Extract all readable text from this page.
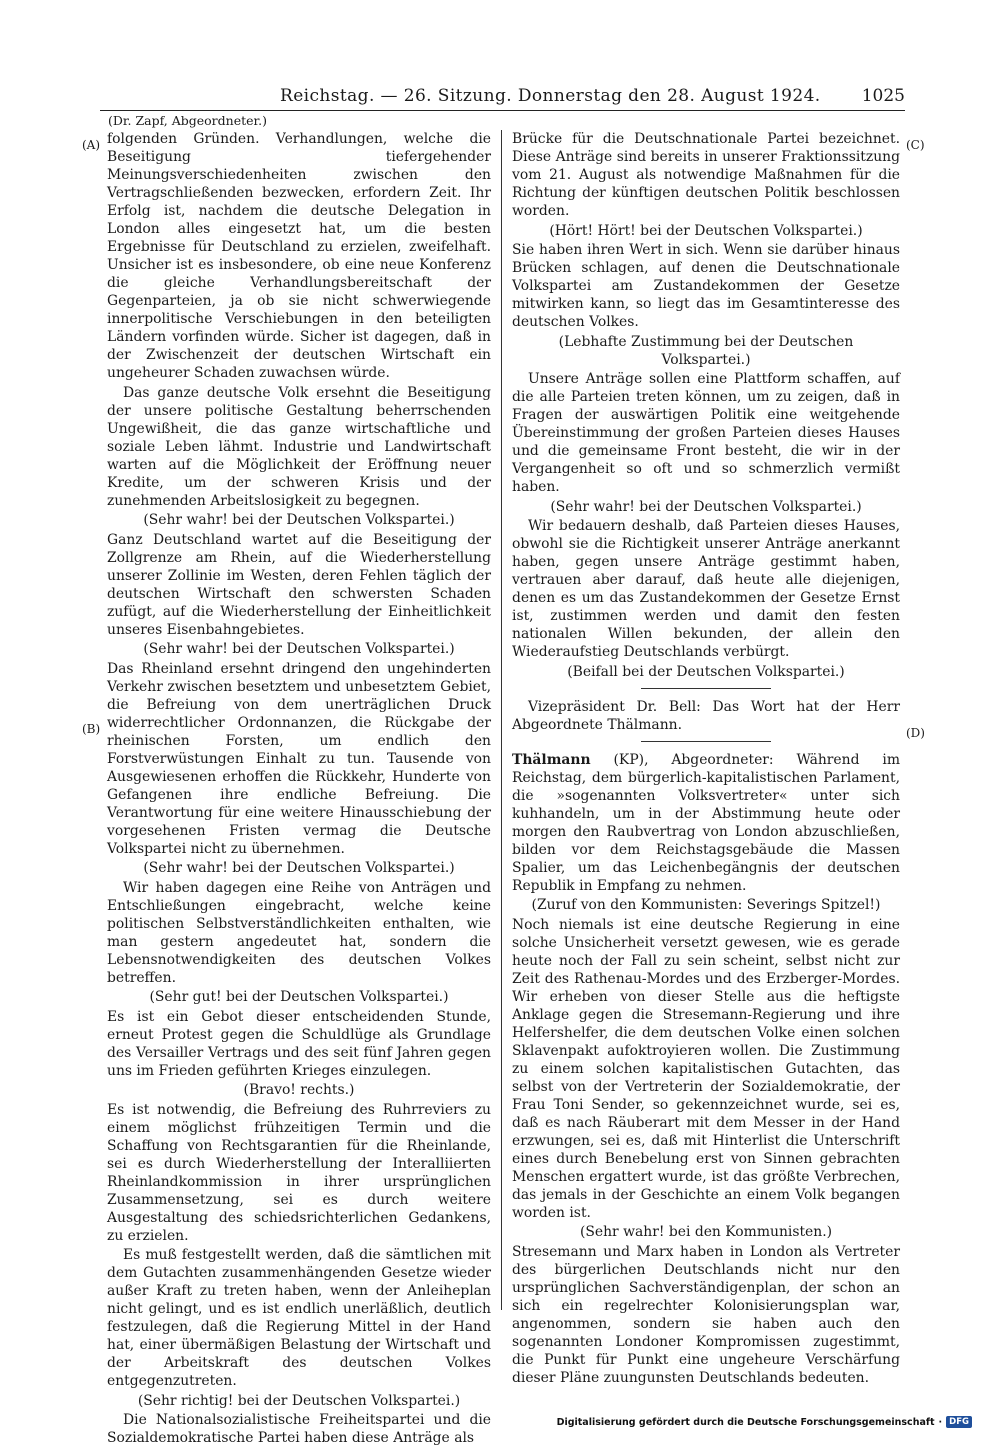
Reichstag. — 26. Sitzung. Donnerstag den 28. August 1924. 1025
(Dr. Zapf, Abgeordneter.)
(A)
(B)
(C)
(D)

folgenden Gründen. Verhandlungen, welche die Beseitigung tiefergehender Meinungsverschiedenheiten zwischen den Vertragschließenden bezwecken, erfordern Zeit. Ihr Erfolg ist, nachdem die deutsche Delegation in London alles eingesetzt hat, um die besten Ergebnisse für Deutschland zu erzielen, zweifelhaft. Unsicher ist es insbesondere, ob eine neue Konferenz die gleiche Verhandlungsbereitschaft der Gegenparteien, ja ob sie nicht schwerwiegende innerpolitische Verschiebungen in den beteiligten Ländern vorfinden würde. Sicher ist dagegen, daß in der Zwischenzeit der deutschen Wirtschaft ein ungeheurer Schaden zuwachsen würde.

Das ganze deutsche Volk ersehnt die Beseitigung der unsere politische Gestaltung beherrschenden Ungewißheit, die das ganze wirtschaftliche und soziale Leben lähmt. Industrie und Landwirtschaft warten auf die Möglichkeit der Eröffnung neuer Kredite, um der schweren Krisis und der zunehmenden Arbeitslosigkeit zu begegnen.

(Sehr wahr! bei der Deutschen Volkspartei.)

Ganz Deutschland wartet auf die Beseitigung der Zollgrenze am Rhein, auf die Wiederherstellung unserer Zollinie im Westen, deren Fehlen täglich der deutschen Wirtschaft den schwersten Schaden zufügt, auf die Wiederherstellung der Einheitlichkeit unseres Eisenbahngebietes.

(Sehr wahr! bei der Deutschen Volkspartei.)

Das Rheinland ersehnt dringend den ungehinderten Verkehr zwischen besetztem und unbesetztem Gebiet, die Befreiung von dem unerträglichen Druck widerrechtlicher Ordonnanzen, die Rückgabe der rheinischen Forsten, um endlich den Forstverwüstungen Einhalt zu tun. Tausende von Ausgewiesenen erhoffen die Rückkehr, Hunderte von Gefangenen ihre endliche Befreiung. Die Verantwortung für eine weitere Hinausschiebung der vorgesehenen Fristen vermag die Deutsche Volkspartei nicht zu übernehmen.

(Sehr wahr! bei der Deutschen Volkspartei.)

Wir haben dagegen eine Reihe von Anträgen und Entschließungen eingebracht, welche keine politischen Selbstverständlichkeiten enthalten, wie man gestern angedeutet hat, sondern die Lebensnotwendigkeiten des deutschen Volkes betreffen.

(Sehr gut! bei der Deutschen Volkspartei.)

Es ist ein Gebot dieser entscheidenden Stunde, erneut Protest gegen die Schuldlüge als Grundlage des Versailler Vertrags und des seit fünf Jahren gegen uns im Frieden geführten Krieges einzulegen.

(Bravo! rechts.)

Es ist notwendig, die Befreiung des Ruhrreviers zu einem möglichst frühzeitigen Termin und die Schaffung von Rechtsgarantien für die Rheinlande, sei es durch Wiederherstellung der Interalliierten Rheinlandkommission in ihrer ursprünglichen Zusammensetzung, sei es durch weitere Ausgestaltung des schiedsrichterlichen Gedankens, zu erzielen.

Es muß festgestellt werden, daß die sämtlichen mit dem Gutachten zusammenhängenden Gesetze wieder außer Kraft zu treten haben, wenn der Anleiheplan nicht gelingt, und es ist endlich unerläßlich, deutlich festzulegen, daß die Regierung Mittel in der Hand hat, einer übermäßigen Belastung der Wirtschaft und der Arbeitskraft des deutschen Volkes entgegenzutreten.

(Sehr richtig! bei der Deutschen Volkspartei.)

Die Nationalsozialistische Freiheitspartei und die Sozialdemokratische Partei haben diese Anträge als

Brücke für die Deutschnationale Partei bezeichnet. Diese Anträge sind bereits in unserer Fraktionssitzung vom 21. August als notwendige Maßnahmen für die Richtung der künftigen deutschen Politik beschlossen worden.

(Hört! Hört! bei der Deutschen Volkspartei.)

Sie haben ihren Wert in sich. Wenn sie darüber hinaus Brücken schlagen, auf denen die Deutschnationale Volkspartei am Zustandekommen der Gesetze mitwirken kann, so liegt das im Gesamtinteresse des deutschen Volkes.

(Lebhafte Zustimmung bei der Deutschen Volkspartei.)

Unsere Anträge sollen eine Plattform schaffen, auf die alle Parteien treten können, um zu zeigen, daß in Fragen der auswärtigen Politik eine weitgehende Übereinstimmung der großen Parteien dieses Hauses und die gemeinsame Front besteht, die wir in der Vergangenheit so oft und so schmerzlich vermißt haben.

(Sehr wahr! bei der Deutschen Volkspartei.)

Wir bedauern deshalb, daß Parteien dieses Hauses, obwohl sie die Richtigkeit unserer Anträge anerkannt haben, gegen unsere Anträge gestimmt haben, vertrauen aber darauf, daß heute alle diejenigen, denen es um das Zustandekommen der Gesetze Ernst ist, zustimmen werden und damit den festen nationalen Willen bekunden, der allein den Wiederaufstieg Deutschlands verbürgt.

(Beifall bei der Deutschen Volkspartei.)

Vizepräsident Dr. Bell: Das Wort hat der Herr Abgeordnete Thälmann.

Thälmann (KP), Abgeordneter: Während im Reichstag, dem bürgerlich-kapitalistischen Parlament, die »sogenannten Volksvertreter« unter sich kuhhandeln, um in der Abstimmung heute oder morgen den Raubvertrag von London abzuschließen, bilden vor dem Reichstagsgebäude die Massen Spalier, um das Leichenbegängnis der deutschen Republik in Empfang zu nehmen.

(Zuruf von den Kommunisten: Severings Spitzel!)

Noch niemals ist eine deutsche Regierung in eine solche Unsicherheit versetzt gewesen, wie es gerade heute noch der Fall zu sein scheint, selbst nicht zur Zeit des Rathenau-Mordes und des Erzberger-Mordes. Wir erheben von dieser Stelle aus die heftigste Anklage gegen die Stresemann-Regierung und ihre Helfershelfer, die dem deutschen Volke einen solchen Sklavenpakt aufoktroyieren wollen. Die Zustimmung zu einem solchen kapitalistischen Gutachten, das selbst von der Vertreterin der Sozialdemokratie, der Frau Toni Sender, so gekennzeichnet wurde, sei es, daß es nach Räuberart mit dem Messer in der Hand erzwungen, sei es, daß mit Hinterlist die Unterschrift eines durch Benebelung erst von Sinnen gebrachten Menschen ergattert wurde, ist das größte Verbrechen, das jemals in der Geschichte an einem Volk begangen worden ist.

(Sehr wahr! bei den Kommunisten.)

Stresemann und Marx haben in London als Vertreter des bürgerlichen Deutschlands nicht nur den ursprünglichen Sachverständigenplan, der schon an sich ein regelrechter Kolonisierungsplan war, angenommen, sondern sie haben auch den sogenannten Londoner Kompromissen zugestimmt, die Punkt für Punkt eine ungeheure Verschärfung dieser Pläne zuungunsten Deutschlands bedeuten.

Digitalisierung gefördert durch die Deutsche Forschungsgemeinschaft · DFG
